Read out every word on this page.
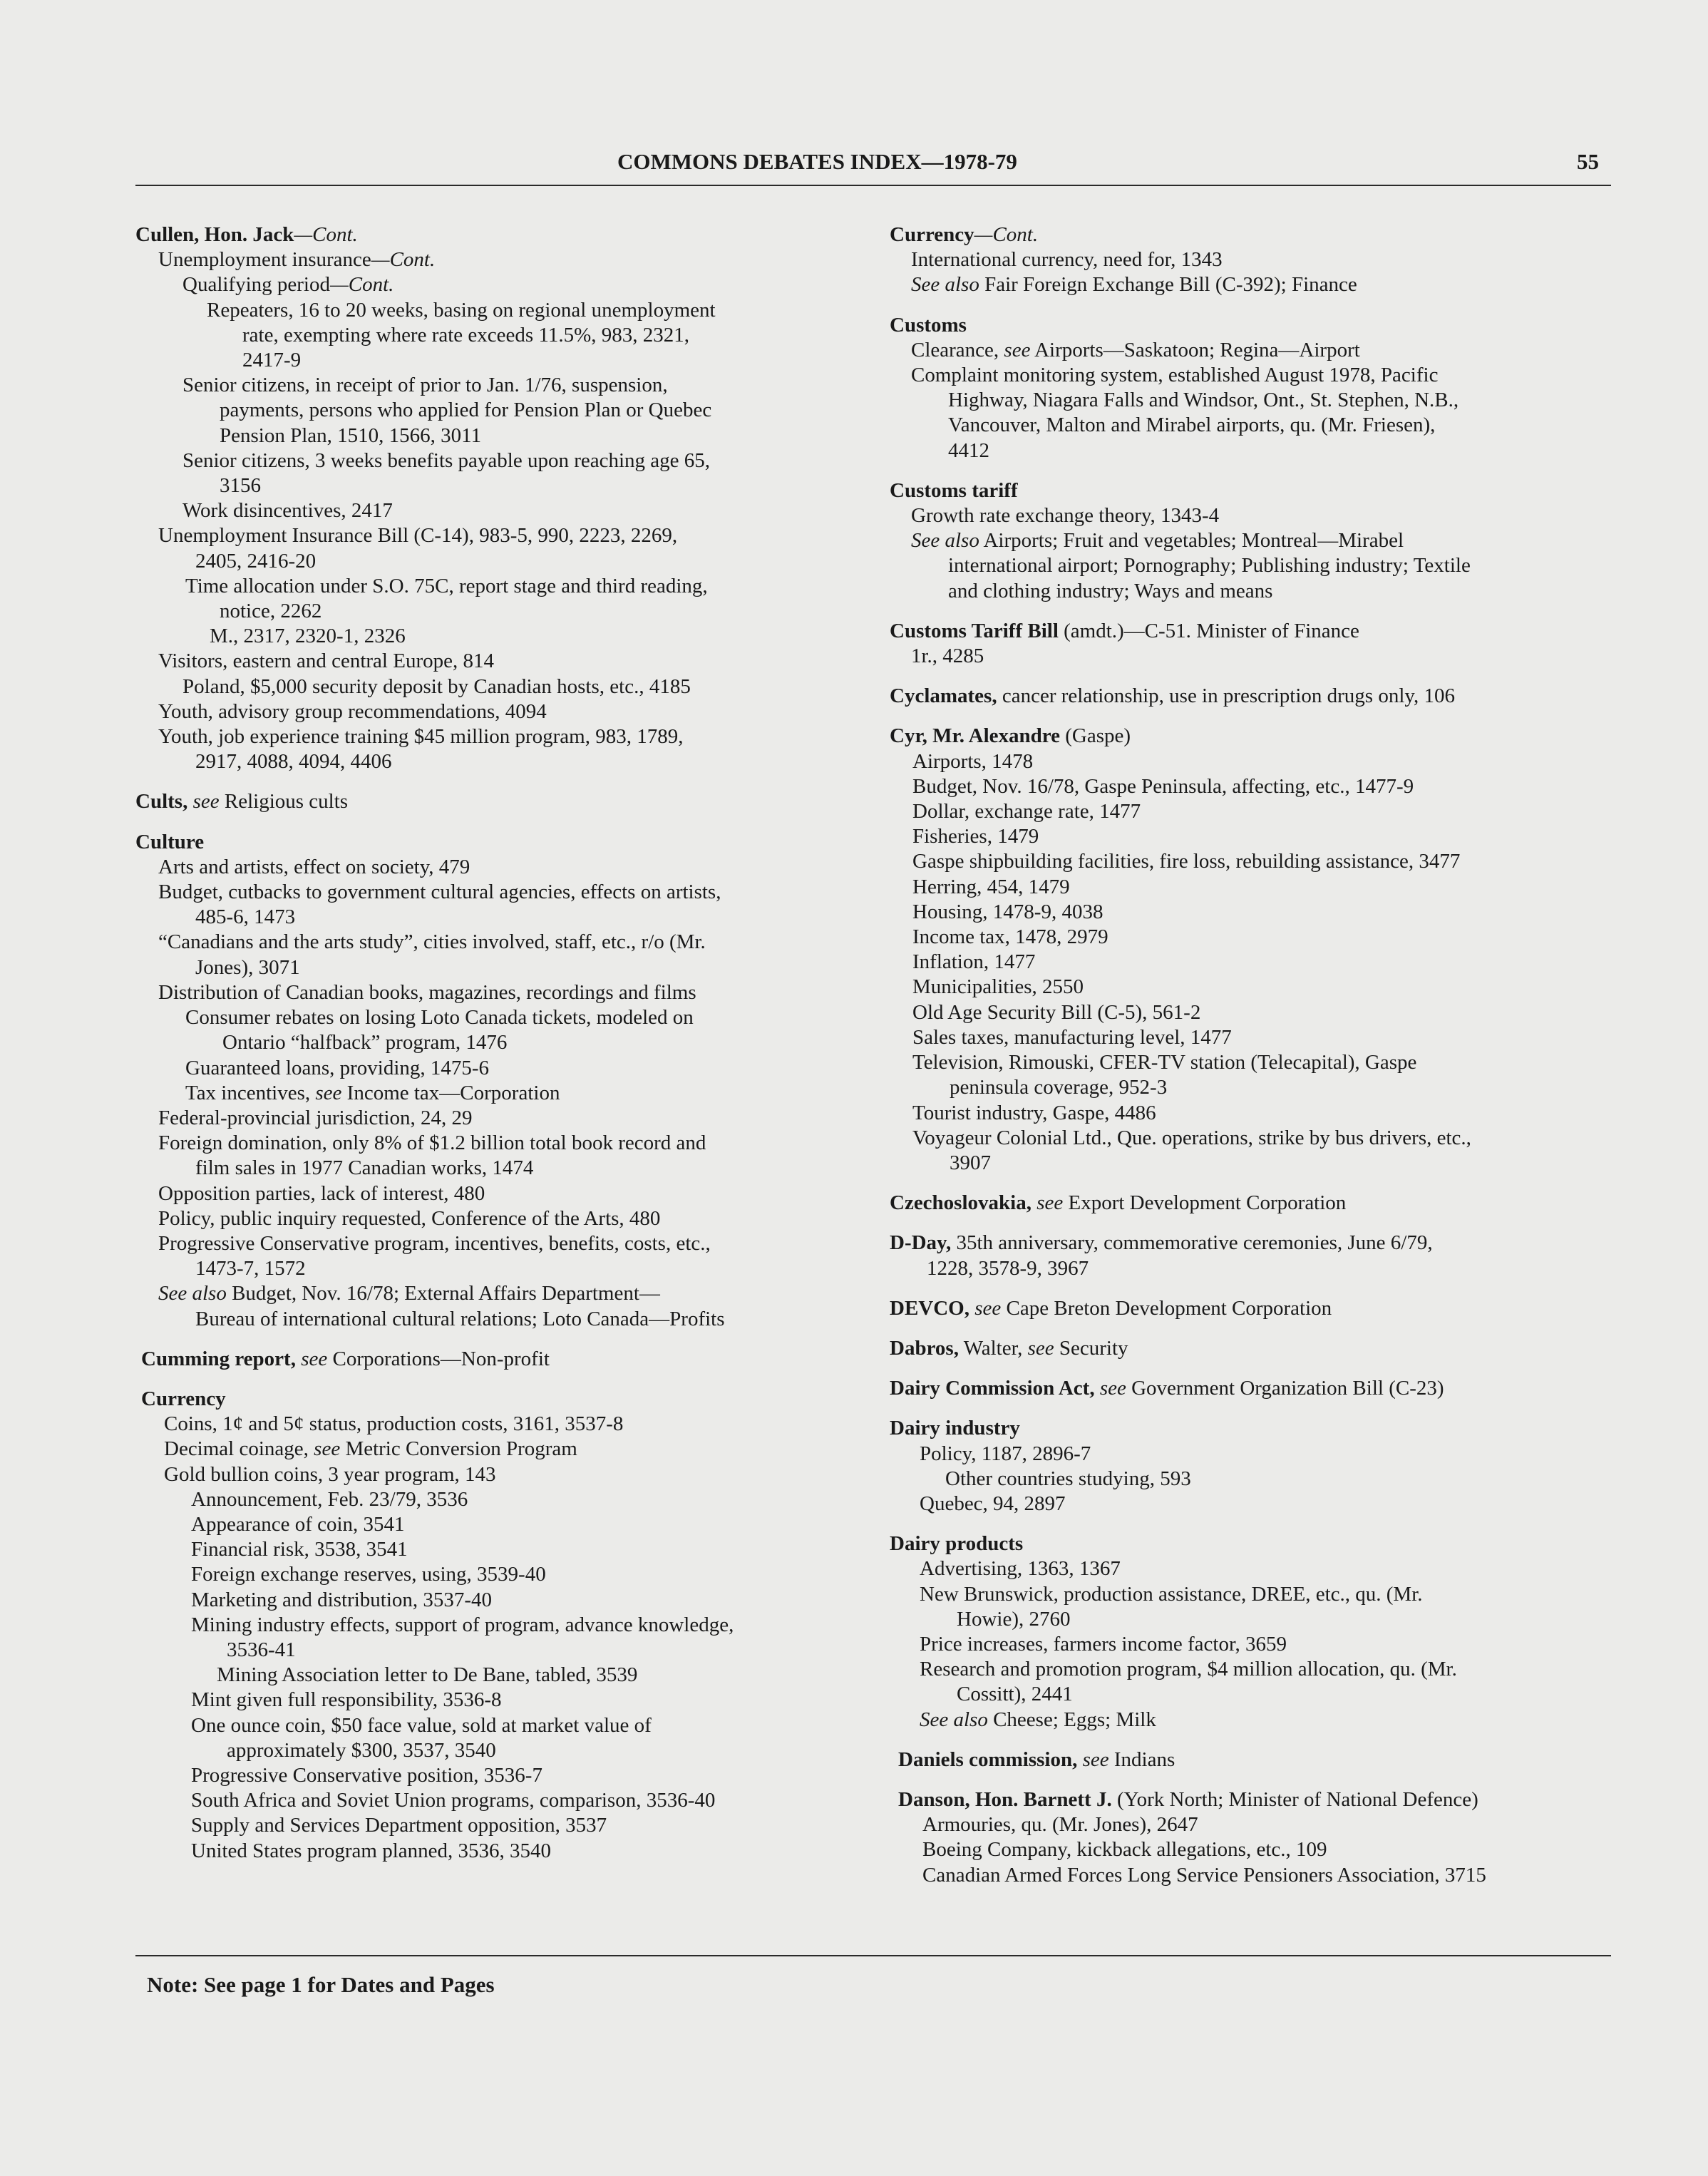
COMMONS DEBATES INDEX—1978-79	55

Cullen, Hon. Jack—Cont.

Unemployment insurance—Cont.

Qualifying period—Cont.

Repeaters, 16 to 20 weeks, basing on regional unemployment

rate, exempting where rate exceeds 11.5%, 983, 2321,

2417-9

Senior citizens, in receipt of prior to Jan. 1/76, suspension,

payments, persons who applied for Pension Plan or Quebec

Pension Plan, 1510, 1566, 3011

Senior citizens, 3 weeks benefits payable upon reaching age 65,

3156

Work disincentives, 2417

Unemployment Insurance Bill (C-14), 983-5, 990, 2223, 2269,

2405, 2416-20

Time allocation under S.O. 75C, report stage and third reading,

notice, 2262

M., 2317, 2320-1, 2326

Visitors, eastern and central Europe, 814

Poland, $5,000 security deposit by Canadian hosts, etc., 4185

Youth, advisory group recommendations, 4094

Youth, job experience training $45 million program, 983, 1789,

2917, 4088, 4094, 4406

Cults, see Religious cults

Culture

Arts and artists, effect on society, 479

Budget, cutbacks to government cultural agencies, effects on artists,

485-6, 1473

“Canadians and the arts study”, cities involved, staff, etc., r/o (Mr.

Jones), 3071

Distribution of Canadian books, magazines, recordings and films

Consumer rebates on losing Loto Canada tickets, modeled on

Ontario “halfback” program, 1476

Guaranteed loans, providing, 1475-6

Tax incentives, see Income tax—Corporation

Federal-provincial jurisdiction, 24, 29

Foreign domination, only 8% of $1.2 billion total book record and

film sales in 1977 Canadian works, 1474

Opposition parties, lack of interest, 480

Policy, public inquiry requested, Conference of the Arts, 480

Progressive Conservative program, incentives, benefits, costs, etc.,

1473-7, 1572

See also Budget, Nov. 16/78; External Affairs Department—

Bureau of international cultural relations; Loto Canada—Profits

Cumming report, see Corporations—Non-profit

Currency

Coins, 1¢ and 5¢ status, production costs, 3161, 3537-8

Decimal coinage, see Metric Conversion Program

Gold bullion coins, 3 year program, 143

Announcement, Feb. 23/79, 3536

Appearance of coin, 3541

Financial risk, 3538, 3541

Foreign exchange reserves, using, 3539-40

Marketing and distribution, 3537-40

Mining industry effects, support of program, advance knowledge,

3536-41

Mining Association letter to De Bane, tabled, 3539

Mint given full responsibility, 3536-8

One ounce coin, $50 face value, sold at market value of

approximately $300, 3537, 3540

Progressive Conservative position, 3536-7

South Africa and Soviet Union programs, comparison, 3536-40

Supply and Services Department opposition, 3537

United States program planned, 3536, 3540

Currency—Cont.

International currency, need for, 1343

See also Fair Foreign Exchange Bill (C-392); Finance

Customs

Clearance, see Airports—Saskatoon; Regina—Airport

Complaint monitoring system, established August 1978, Pacific

Highway, Niagara Falls and Windsor, Ont., St. Stephen, N.B.,

Vancouver, Malton and Mirabel airports, qu. (Mr. Friesen),

4412

Customs tariff

Growth rate exchange theory, 1343-4

See also Airports; Fruit and vegetables; Montreal—Mirabel

international airport; Pornography; Publishing industry; Textile

and clothing industry; Ways and means

Customs Tariff Bill (amdt.)—C-51. Minister of Finance

1r., 4285

Cyclamates, cancer relationship, use in prescription drugs only, 106

Cyr, Mr. Alexandre (Gaspe)

Airports, 1478

Budget, Nov. 16/78, Gaspe Peninsula, affecting, etc., 1477-9

Dollar, exchange rate, 1477

Fisheries, 1479

Gaspe shipbuilding facilities, fire loss, rebuilding assistance, 3477

Herring, 454, 1479

Housing, 1478-9, 4038

Income tax, 1478, 2979

Inflation, 1477

Municipalities, 2550

Old Age Security Bill (C-5), 561-2

Sales taxes, manufacturing level, 1477

Television, Rimouski, CFER-TV station (Telecapital), Gaspe

peninsula coverage, 952-3

Tourist industry, Gaspe, 4486

Voyageur Colonial Ltd., Que. operations, strike by bus drivers, etc.,

3907

Czechoslovakia, see Export Development Corporation

D-Day, 35th anniversary, commemorative ceremonies, June 6/79,

1228, 3578-9, 3967

DEVCO, see Cape Breton Development Corporation

Dabros, Walter, see Security

Dairy Commission Act, see Government Organization Bill (C-23)

Dairy industry

Policy, 1187, 2896-7

Other countries studying, 593

Quebec, 94, 2897

Dairy products

Advertising, 1363, 1367

New Brunswick, production assistance, DREE, etc., qu. (Mr.

Howie), 2760

Price increases, farmers income factor, 3659

Research and promotion program, $4 million allocation, qu. (Mr.

Cossitt), 2441

See also Cheese; Eggs; Milk

Daniels commission, see Indians

Danson, Hon. Barnett J. (York North; Minister of National Defence)

Armouries, qu. (Mr. Jones), 2647

Boeing Company, kickback allegations, etc., 109

Canadian Armed Forces Long Service Pensioners Association, 3715

Note: See page 1 for Dates and Pages
